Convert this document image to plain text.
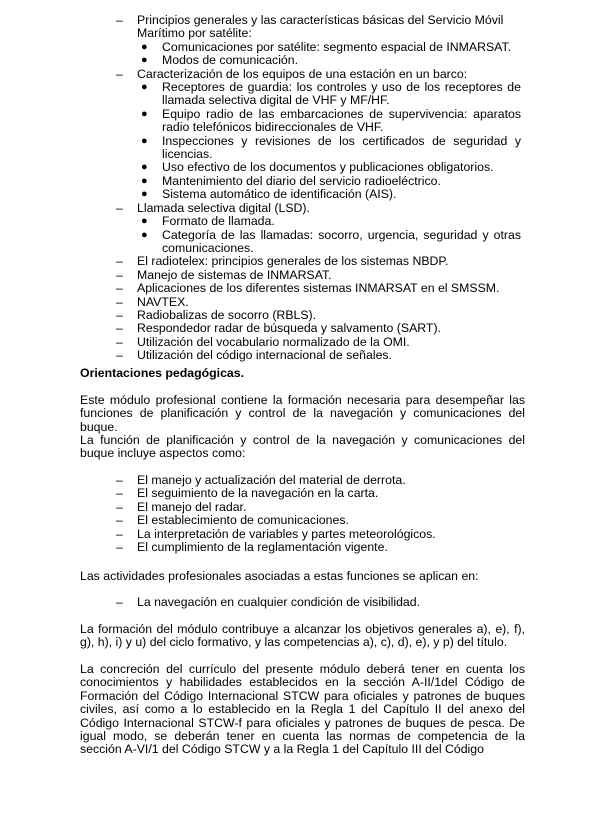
– Principios generales y las características básicas del Servicio Móvil Marítimo por satélite:
● Comunicaciones por satélite: segmento espacial de INMARSAT.
● Modos de comunicación.
– Caracterización de los equipos de una estación en un barco:
● Receptores de guardia: los controles y uso de los receptores de llamada selectiva digital de VHF y MF/HF.
● Equipo radio de las embarcaciones de supervivencia: aparatos radio telefónicos bidireccionales de VHF.
● Inspecciones y revisiones de los certificados de seguridad y licencias.
● Uso efectivo de los documentos y publicaciones obligatorios.
● Mantenimiento del diario del servicio radioeléctrico.
● Sistema automático de identificación (AIS).
– Llamada selectiva digital (LSD).
● Formato de llamada.
● Categoría de las llamadas: socorro, urgencia, seguridad y otras comunicaciones.
– El radiotelex: principios generales de los sistemas NBDP.
– Manejo de sistemas de INMARSAT.
– Aplicaciones de los diferentes sistemas INMARSAT en el SMSSM.
– NAVTEX.
– Radiobalizas de socorro (RBLS).
– Respondedor radar de búsqueda y salvamento (SART).
– Utilización del vocabulario normalizado de la OMI.
– Utilización del código internacional de señales.

Orientaciones pedagógicas.

Este módulo profesional contiene la formación necesaria para desempeñar las funciones de planificación y control de la navegación y comunicaciones del buque.

La función de planificación y control de la navegación y comunicaciones del buque incluye aspectos como:

– El manejo y actualización del material de derrota.
– El seguimiento de la navegación en la carta.
– El manejo del radar.
– El establecimiento de comunicaciones.
– La interpretación de variables y partes meteorológicos.
– El cumplimiento de la reglamentación vigente.

Las actividades profesionales asociadas a estas funciones se aplican en:

– La navegación en cualquier condición de visibilidad.

La formación del módulo contribuye a alcanzar los objetivos generales a), e), f), g), h), i) y u) del ciclo formativo, y las competencias a), c), d), e), y p) del título.

La concreción del currículo del presente módulo deberá tener en cuenta los conocimientos y habilidades establecidos en la sección A-II/1del Código de Formación del Código Internacional STCW para oficiales y patrones de buques civiles, así como a lo establecido en la Regla 1 del Capítulo II del anexo del Código Internacional STCW-f para oficiales y patrones de buques de pesca. De igual modo, se deberán tener en cuenta las normas de competencia de la sección A-VI/1 del Código STCW y a la Regla 1 del Capítulo III del Código
